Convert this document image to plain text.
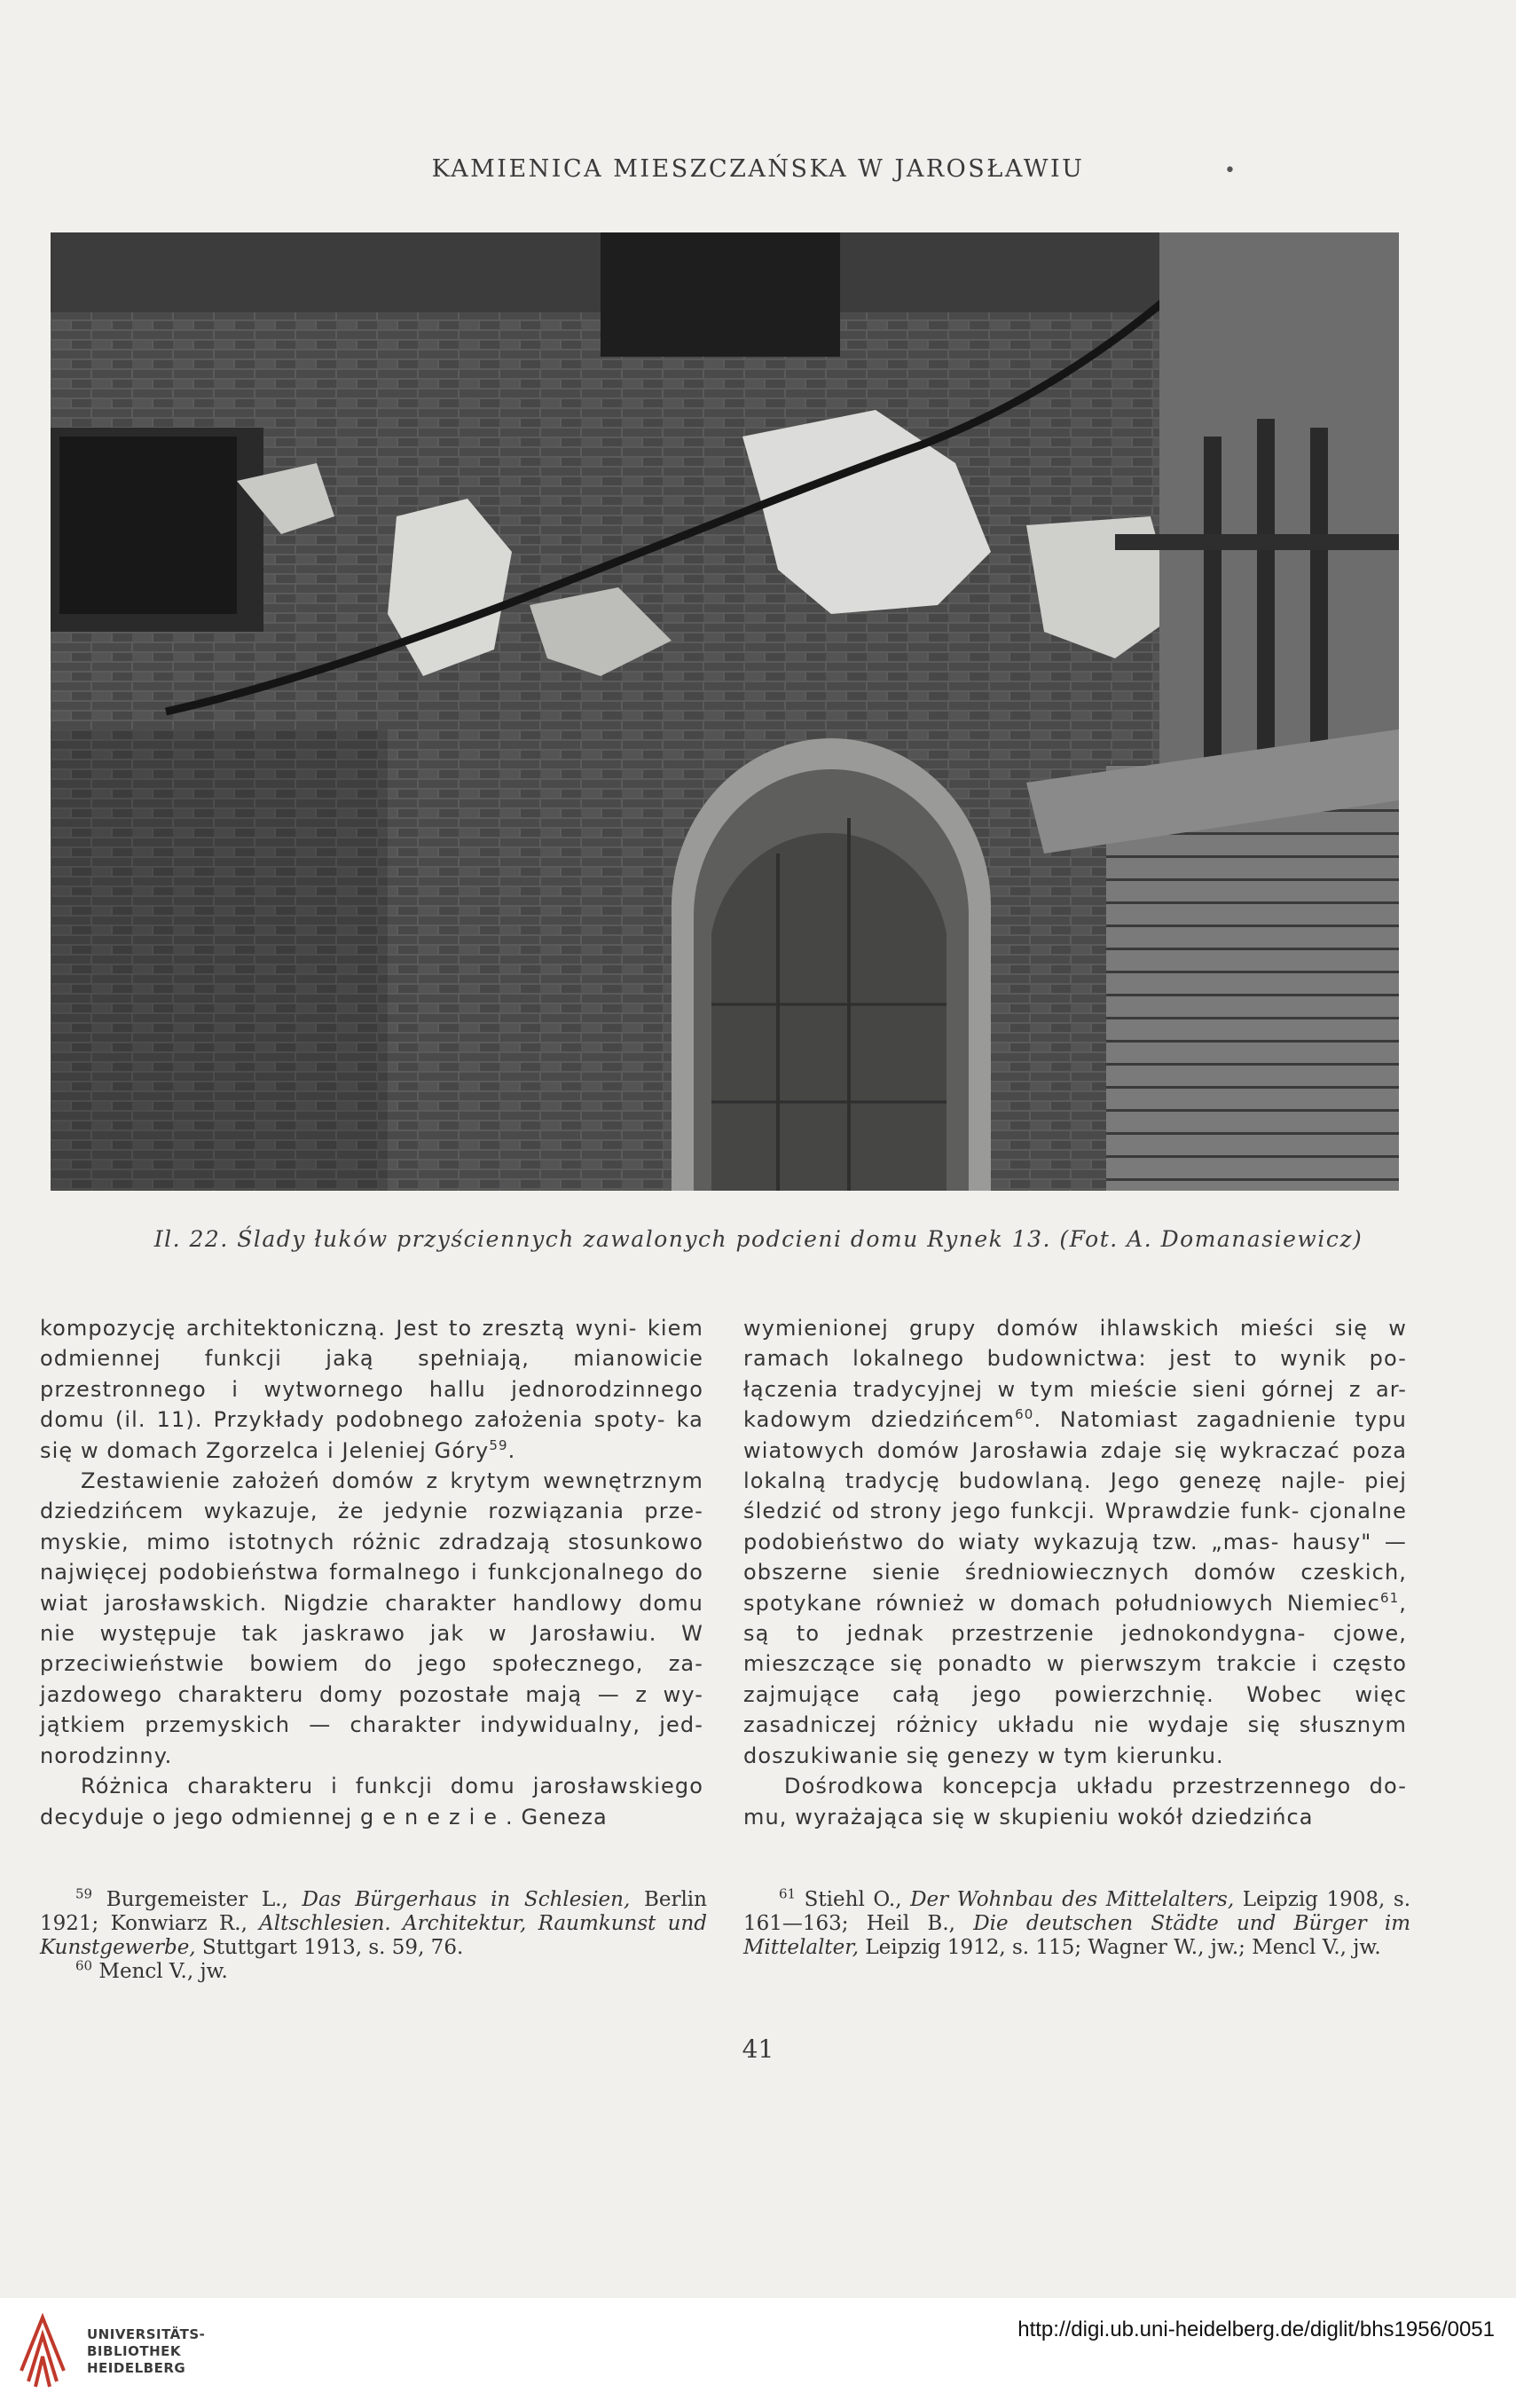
KAMIENICA MIESZCZAŃSKA W JAROSŁAWIU	•
Il. 22. Ślady łuków przyściennych zawalonych podcieni domu Rynek 13. (Fot. A. Domanasiewicz)

kompozycję architektoniczną. Jest to zresztą wyni- kiem odmiennej funkcji jaką spełniają, mianowicie przestronnego i wytwornego hallu jednorodzinnego domu (il. 11). Przykłady podobnego założenia spoty- ka się w domach Zgorzelca i Jeleniej Góry$^{59}$.

Zestawienie założeń domów z krytym wewnętrznym dziedzińcem wykazuje, że jedynie rozwiązania prze- myskie, mimo istotnych różnic zdradzają stosunkowo najwięcej podobieństwa formalnego i funkcjonalnego do wiat jarosławskich. Nigdzie charakter handlowy domu nie występuje tak jaskrawo jak w Jarosławiu. W przeciwieństwie bowiem do jego społecznego, za- jazdowego charakteru domy pozostałe mają — z wy- jątkiem przemyskich — charakter indywidualny, jed- norodzinny.

Różnica charakteru i funkcji domu jarosławskiego decyduje o jego odmiennej genezie. Geneza

wymienionej grupy domów ihlawskich mieści się w ramach lokalnego budownictwa: jest to wynik po- łączenia tradycyjnej w tym mieście sieni górnej z ar- kadowym dziedzińcem$^{60}$. Natomiast zagadnienie typu wiatowych domów Jarosławia zdaje się wykraczać poza lokalną tradycję budowlaną. Jego genezę najle- piej śledzić od strony jego funkcji. Wprawdzie funk- cjonalne podobieństwo do wiaty wykazują tzw. „mas- hausy" — obszerne sienie średniowiecznych domów czeskich, spotykane również w domach południowych Niemiec$^{61}$, są to jednak przestrzenie jednokondygna- cjowe, mieszczące się ponadto w pierwszym trakcie i często zajmujące całą jego powierzchnię. Wobec więc zasadniczej różnicy układu nie wydaje się słusznym doszukiwanie się genezy w tym kierunku.

Dośrodkowa koncepcja układu przestrzennego do- mu, wyrażająca się w skupieniu wokół dziedzińca

$^{59}$ Burgemeister L., Das Bürgerhaus in Schlesien, Berlin 1921; Konwiarz R., Altschlesien. Architektur, Raumkunst und Kunstgewerbe, Stuttgart 1913, s. 59, 76.

$^{60}$ Mencl V., jw.

$^{61}$ Stiehl O., Der Wohnbau des Mittelalters, Leipzig 1908, s. 161—163; Heil B., Die deutschen Städte und Bürger im Mittelalter, Leipzig 1912, s. 115; Wagner W., jw.; Mencl V., jw.

41
UNIVERSITÄTS-
BIBLIOTHEK
HEIDELBERG
http://digi.ub.uni-heidelberg.de/diglit/bhs1956/0051
